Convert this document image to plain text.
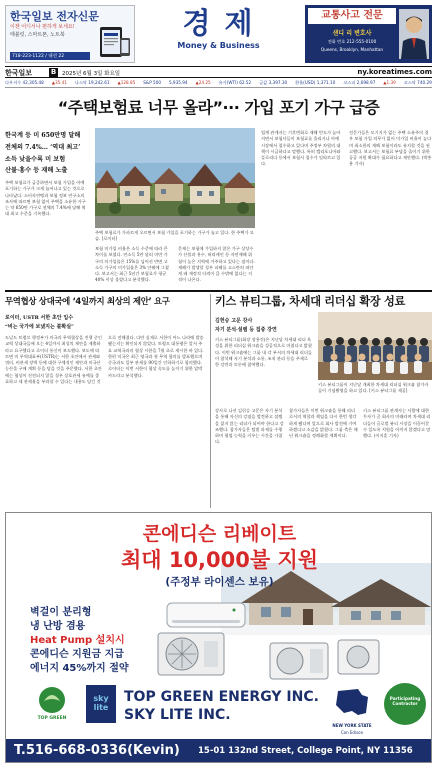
한국일보 전자신문
이젠 어디서나 편하게 보세요!
태블릿, 스마트폰, 노트북
718-223-1122 / 내선 22
경 제
Money & Business
교통사고 전문
샌디 리 변호사
전화 번호 212-555-0100
Queens, Brooklyn, Manhattan
한국일보	B	2025년 6월 3일 화요일	ny.koreatimes.com
다우지수 42,305.48 ▲35.41 나스닥 19,242.61 ▲128.85 S&P 500 5,935.94 ▲24.25 유가(WTI) 62.52 금값 3,397.30 환율(USD) 1,371.10 코스피 2,698.97 ▲1.39 코스닥 740.29
“주택보험료 너무 올라”··· 가입 포기 가구 급증
한국계 등 미 650만명 달해
전체의 7.4%… ‘역대 최고’
소득 낮을수록 미 보험
산불·홍수 등 재해 노출
주택 보험료가 급증하면서 보험 가입을 아예 포기하는 가구가 크게 늘어나고 있는 것으로 나타났다. 소비자연맹과 보험 정보 연구소의 조사에 따르면 보험 없이 주택을 소유한 가구는 약 650만 가구로 전체의 7.4%에 달해 역대 최고 수준을 기록했다.
주택 보험료가 가파르게 오르면서 보험 가입을 포기하는 가구가 늘고 있다. 한 주택가 모습. [로이터]
보험 미가입 비율은 소득 수준에 따라 큰 차이를 보였다. 연소득 5만 달러 미만 가구의 미가입률은 15%를 넘어선 반면 고소득 가구의 미가입률은 3% 안팎에 그쳤다. 보고서는 최근 5년간 보험료가 평균 40% 이상 올랐다고 분석했다.
문제는 보험에 가입하지 않은 가구 상당수가 산불과 홍수, 허리케인 등 자연재해 위험이 높은 지역에 거주하고 있다는 점이다. 재해가 발생할 경우 피해를 고스란히 떠안게 돼 재정적 타격이 클 수밖에 없다는 지적이 나온다.
업계 관계자는 기후변화로 재해 빈도가 높아지면서 보험사들이 보험료를 올리거나 아예 시장에서 철수하고 있다며 주정부 차원의 대책이 시급하다고 말했다. 특히 캘리포니아와 플로리다 등에서 보험사 철수가 잇따르고 있다.
전문가들은 모기지가 없는 주택 소유주의 경우 보험 가입 의무가 없어 미가입 비율이 높다며 최소한의 재해 보험이라도 유지할 것을 권고했다. 보고서는 보험료 부담을 줄이기 위한 공공 지원 확대가 필요하다고 제안했다. (박홍용 기자)
무역협상 상대국에 ‘4일까지 최상의 제안’ 요구
로이터, USTR 서한 초안 입수
“비는 국가에 보냈지는 불확실”
도널드 트럼프 행정부가 미국과 무역협상을 진행 중인 교역 상대국들에 오는 4일까지 최상의 제안을 제출하라고 요구했다고 로이터 통신이 보도했다. 보도에 따르면 미 무역대표부(USTR)는 서한 초안에서 관세와 쿼터, 비관세 장벽 등에 대한 구체적인 제안과 미국산 농산물 구매 계획 등을 담을 것을 주문했다. 서한 초안에는 협상이 진전되지 않을 경우 상호관세 유예를 종료하고 새 관세율을 부과할 수 있다는 내용도 담긴 것으로 전해졌다. 다만 실제로 서한이 어느 나라에 발송됐는지는 확인되지 않았다. 트럼프 대통령은 앞서 주요 교역국과의 협상 시한을 7월 초로 제시한 바 있다. 한편 미국은 최근 영국과 첫 무역 합의를 발표했으며 중국과도 일부 관세를 90일간 인하하기로 합의했다. 로이터는 이번 서한이 협상 속도를 높이기 위한 압박 카드라고 분석했다.
키스 뷰티그룹, 차세대 리더십 확장 성료
김헌승 고문 강사
자기 분석·설렘 등 집중 강연
키스 뷰티그룹(회장 장용진)은 지난달 차세대 리더 육성을 위한 리더십 워크숍을 성공적으로 마쳤다고 밝혔다. 이번 워크숍에는 그룹 내 각 부서의 차세대 리더들이 참석해 자기 분석과 소통, 조직 관리 등을 주제로 한 강연과 토론에 참여했다.
키스 뷰티그룹이 지난달 개최한 차세대 리더십 워크숍 참가자들이 기념촬영을 하고 있다. [키스 뷰티그룹 제공]
강사로 나선 김헌승 고문은 자기 분석을 통해 자신의 강점을 발견하고 설렘을 잃지 않는 리더가 되어야 한다고 강조했다. 참가자들은 팀별 과제를 수행하며 협업 능력을 키우는 시간을 가졌다.
참가자들은 이번 워크숍을 통해 리더로서의 역할과 책임을 다시 한번 생각하게 됐다며 앞으로 회사 발전에 기여하겠다고 소감을 밝혔다. 그룹 측은 매년 워크숍을 정례화할 계획이다.
키스 뷰티그룹 관계자는 사람에 대한 투자가 곧 회사의 미래라며 차세대 리더들이 글로벌 뷰티 시장을 이끌어갈 수 있도록 지원을 아끼지 않겠다고 말했다. (이지훈 기자)
콘에디슨 리베이트
최대 10,000불 지원
(주정부 라이센스 보유)
벽걸이 분리형
냉 난방 겸용
Heat Pump 설치시
콘에디슨 지원금 지급
에너지 45%까지 절약
TOP GREEN
sky lite
TOP GREEN ENERGY INC.
SKY LITE INC.
NEW YORK STATE
Con Edison
Participating Contractor
T.516-668-0336(Kevin) 15-01 132nd Street, College Point, NY 11356
